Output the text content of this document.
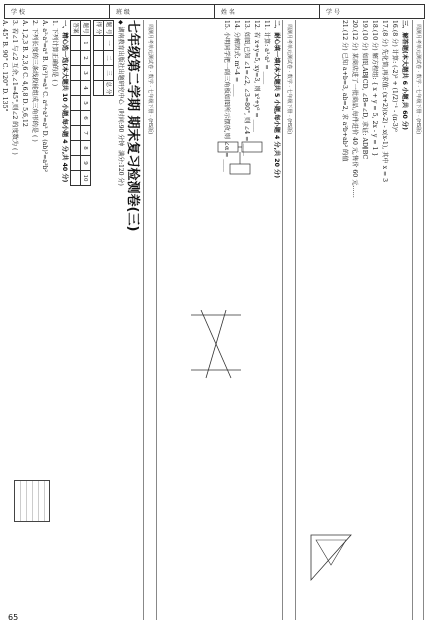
学 校	班 级	姓 名	学 号
周测月考单元测试卷 · 数学 · 七年级下册 · (HS版)	周测月考单元测试卷 · 数学 · 七年级下册 · (HS版)	周测月考单元测试卷 · 数学 · 七年级下册 · (HS版)
七年级第二学期 期末复习检测卷(三)
◆ 湖南教育出版社出题研究中心  (时间:90 分钟  满分:120 分)
题 号	一	二	三	总 分
得 分				
题号	1	2	3	4	5	6	7	8	9	10
答案										

一、精心选一选(本大题共 10 小题,每小题 4 分,共 40 分)

1. 下列计算正确的是 ( )

A. a²·a³=a⁶ B. (a²)³=a⁵ C. a⁶÷a²=a³ D. (ab)²=a²b²

2. 下列长度的三条线段能组成三角形的是 ( )

A. 1,2,3 B. 2,3,6 C. 4,6,8 D. 5,6,12

3. 若∠1 与∠2 互余,∠1=45°,则∠2 的度数为 ( )

A. 45° B. 90° C. 120° D. 135°	二、耐心填一填(本大题共 5 小题,每小题 4 分,共 20 分)

11. 计算: a³·a² = ____

12. 若 x+y=5, xy=3, 则 x²+y² = ____

13. 如图,已知 ∠1=∠2, ∠3=80°, 则 ∠4 = ____

14. 分解因式: m²-4 = ____

15. 小明同学把一副三角板如图所示摆放,则 ∠α = ____	三、解答题(本大题共 6 小题,共 60 分)

16.(8 分) 计算: (-2)² + (1/2)⁻¹ - (π-3)⁰

17.(8 分) 先化简,再求值: (x+2)(x-2) - x(x-1), 其中 x = 3

18.(10 分) 解方程组: { x + y = 5, 2x - y = 1 }

19.(10 分) 如图,AB∥CD, ∠B=∠D, 求证: AD∥BC

20.(12 分) 某商店进了一批商品,每件进价 40 元,售价 60 元……

21.(12 分) 已知 a+b=3, ab=2, 求 a²b+ab² 的值

65
